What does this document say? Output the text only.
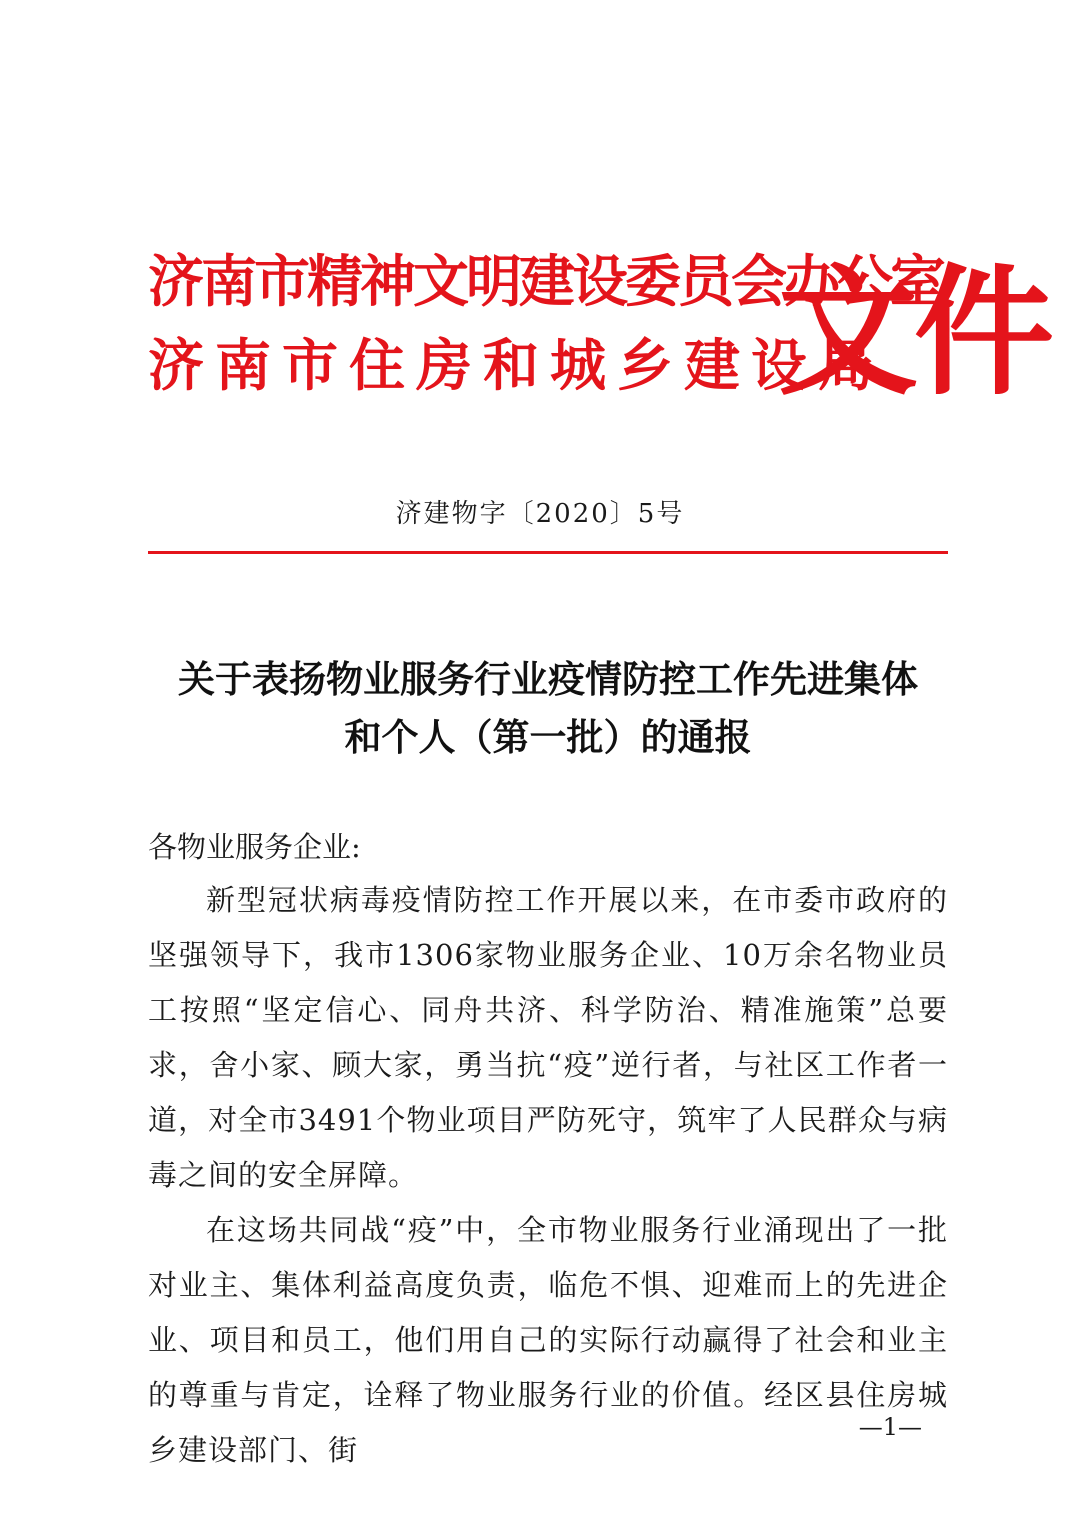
济南市精神文明建设委员会办公室
济南市住房和城乡建设局
文件
济建物字〔2020〕5号
关于表扬物业服务行业疫情防控工作先进集体
和个人（第一批）的通报
各物业服务企业:

新型冠状病毒疫情防控工作开展以来，在市委市政府的坚强领导下，我市1306家物业服务企业、10万余名物业员工按照“坚定信心、同舟共济、科学防治、精准施策”总要求，舍小家、顾大家，勇当抗“疫”逆行者，与社区工作者一道，对全市3491个物业项目严防死守，筑牢了人民群众与病毒之间的安全屏障。

在这场共同战“疫”中，全市物业服务行业涌现出了一批对业主、集体利益高度负责，临危不惧、迎难而上的先进企业、项目和员工，他们用自己的实际行动赢得了社会和业主的尊重与肯定，诠释了物业服务行业的价值。经区县住房城乡建设部门、街

—1—
